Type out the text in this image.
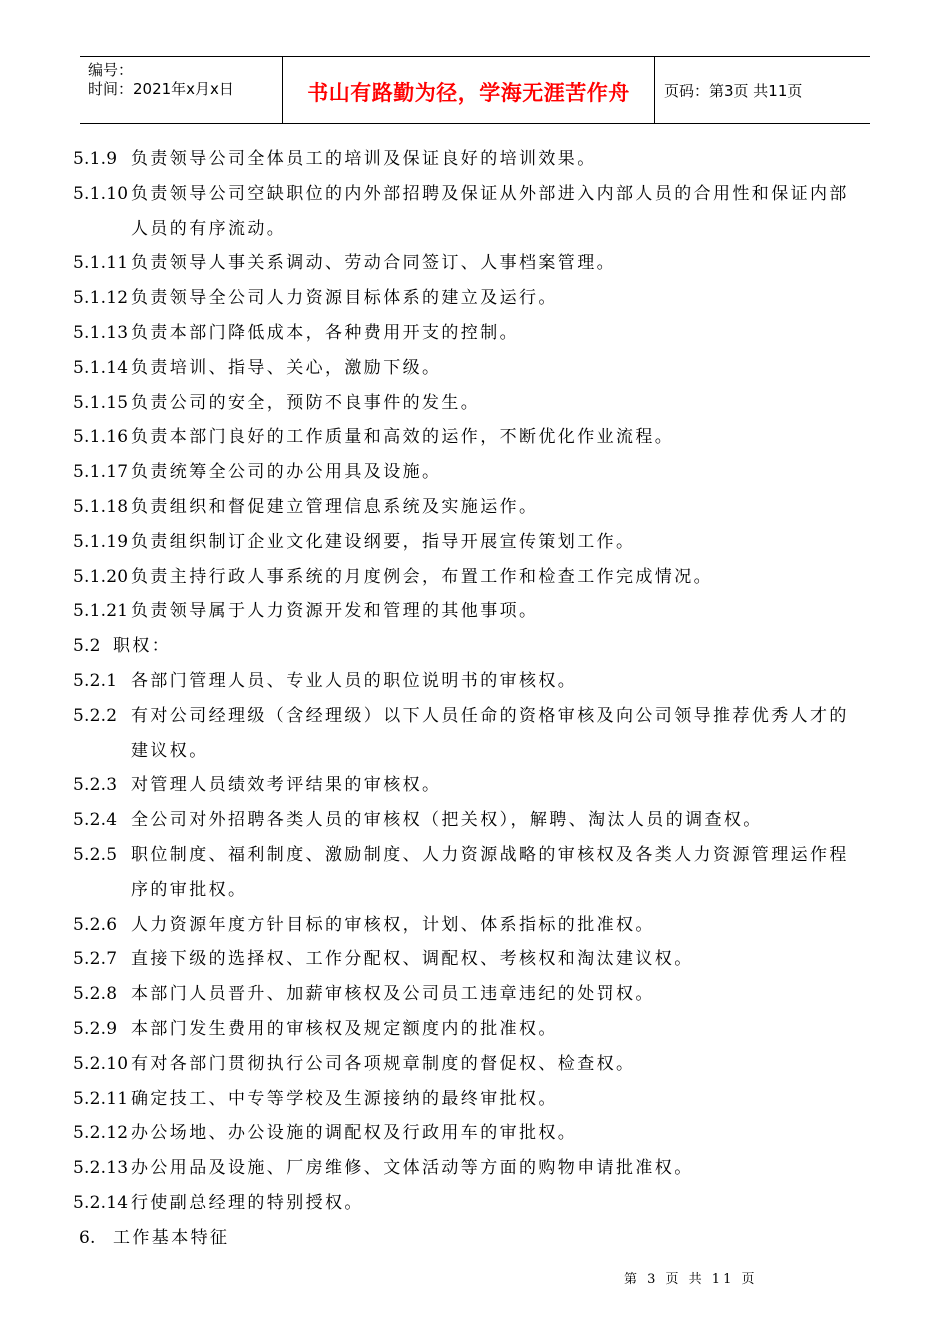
编号：
时间：2021年x月x日	书山有路勤为径，学海无涯苦作舟 页码：第3页 共11页
5.1.9 负责领导公司全体员工的培训及保证良好的培训效果。
5.1.10 负责领导公司空缺职位的内外部招聘及保证从外部进入内部人员的合用性和保证内部
人员的有序流动。
5.1.11 负责领导人事关系调动、劳动合同签订、人事档案管理。
5.1.12 负责领导全公司人力资源目标体系的建立及运行。
5.1.13 负责本部门降低成本，各种费用开支的控制。
5.1.14 负责培训、指导、关心，激励下级。
5.1.15 负责公司的安全，预防不良事件的发生。
5.1.16 负责本部门良好的工作质量和高效的运作，不断优化作业流程。
5.1.17 负责统筹全公司的办公用具及设施。
5.1.18 负责组织和督促建立管理信息系统及实施运作。
5.1.19 负责组织制订企业文化建设纲要，指导开展宣传策划工作。
5.1.20 负责主持行政人事系统的月度例会，布置工作和检查工作完成情况。
5.1.21 负责领导属于人力资源开发和管理的其他事项。
5.2 职权：
5.2.1 各部门管理人员、专业人员的职位说明书的审核权。
5.2.2 有对公司经理级（含经理级）以下人员任命的资格审核及向公司领导推荐优秀人才的
建议权。
5.2.3 对管理人员绩效考评结果的审核权。
5.2.4 全公司对外招聘各类人员的审核权（把关权），解聘、淘汰人员的调查权。
5.2.5 职位制度、福利制度、激励制度、人力资源战略的审核权及各类人力资源管理运作程
序的审批权。
5.2.6 人力资源年度方针目标的审核权，计划、体系指标的批准权。
5.2.7 直接下级的选择权、工作分配权、调配权、考核权和淘汰建议权。
5.2.8 本部门人员晋升、加薪审核权及公司员工违章违纪的处罚权。
5.2.9 本部门发生费用的审核权及规定额度内的批准权。
5.2.10 有对各部门贯彻执行公司各项规章制度的督促权、检查权。
5.2.11 确定技工、中专等学校及生源接纳的最终审批权。
5.2.12 办公场地、办公设施的调配权及行政用车的审批权。
5.2.13 办公用品及设施、厂房维修、文体活动等方面的购物申请批准权。
5.2.14 行使副总经理的特别授权。
6.	工作基本特征
第 3 页 共 11 页
